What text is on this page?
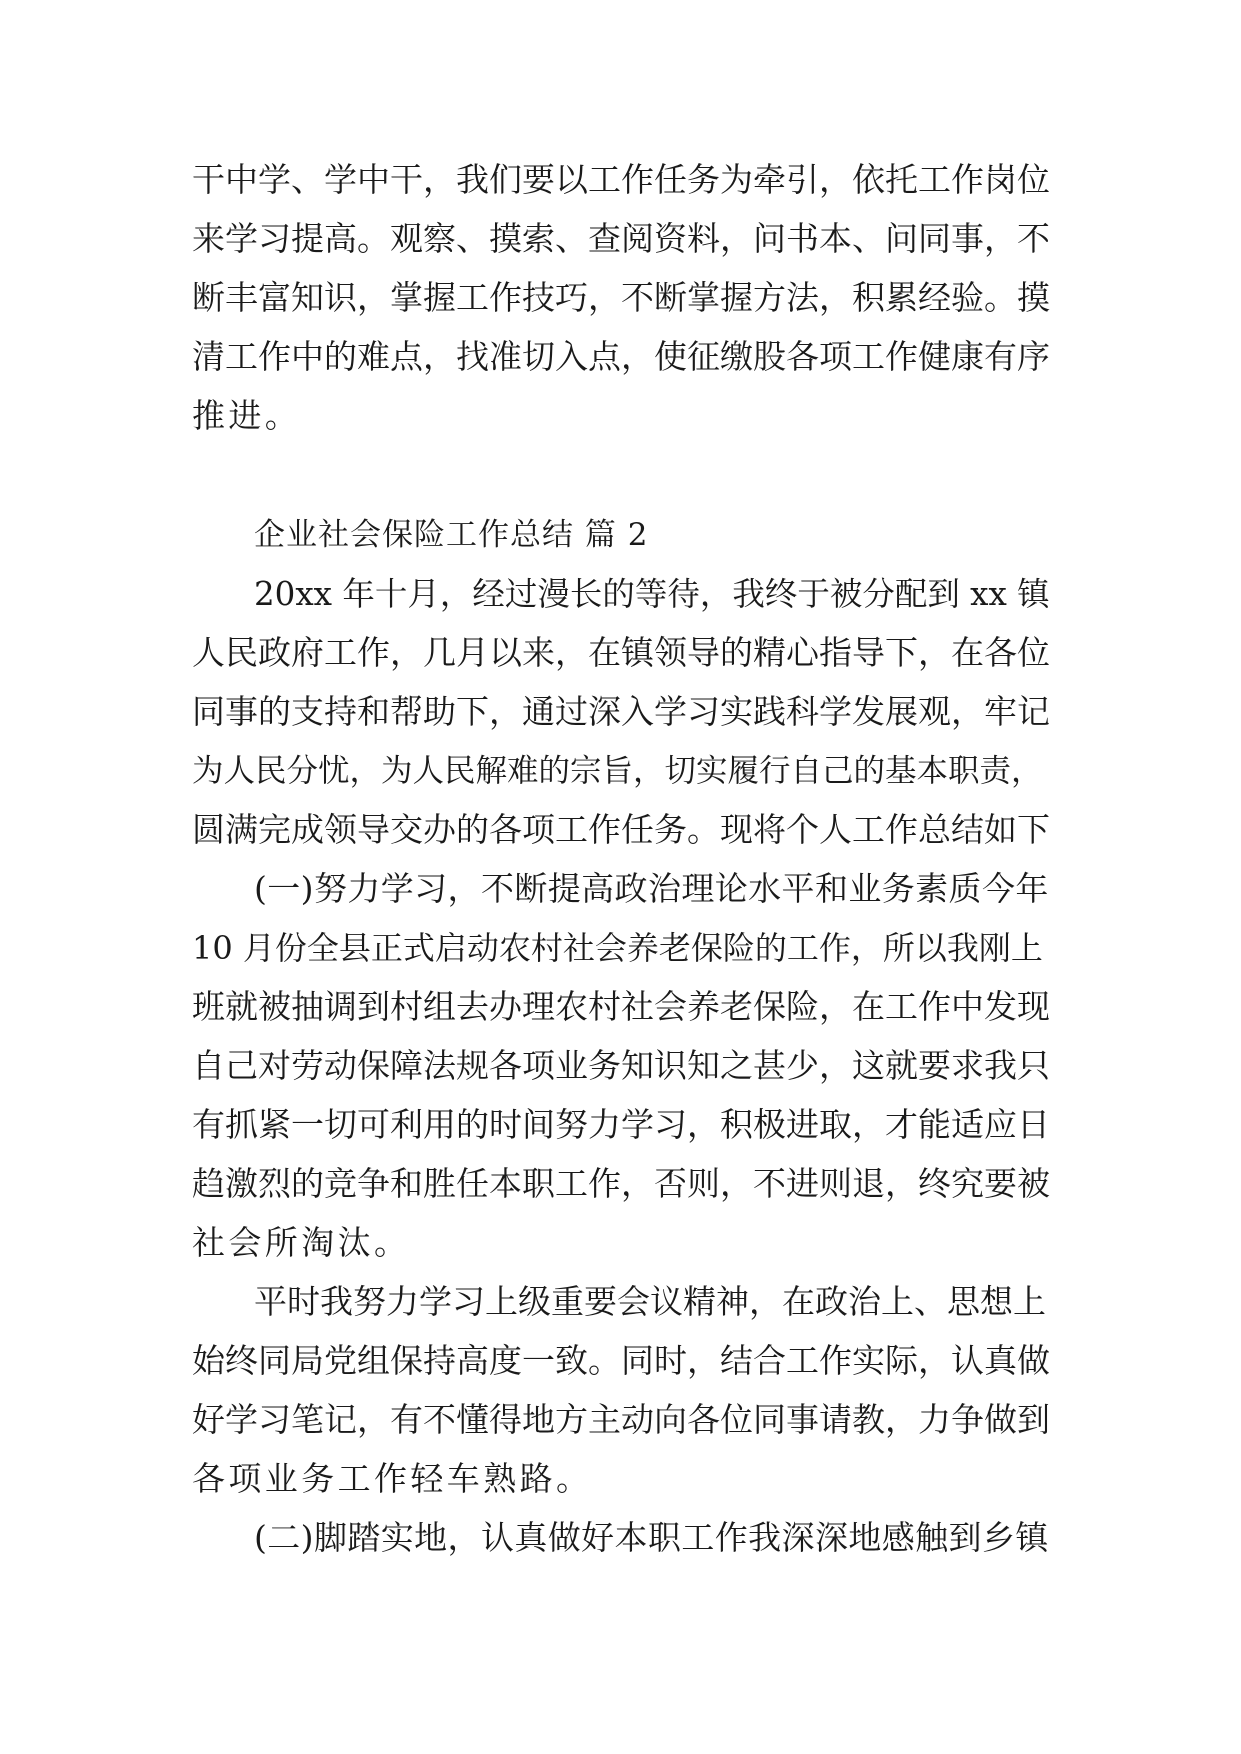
干中学、学中干，我们要以工作任务为牵引，依托工作岗位
来学习提高。观察、摸索、查阅资料，问书本、问同事，不
断丰富知识，掌握工作技巧，不断掌握方法，积累经验。摸
清工作中的难点，找准切入点，使征缴股各项工作健康有序
推进。
企业社会保险工作总结 篇 2
20xx 年十月，经过漫长的等待，我终于被分配到 xx 镇
人民政府工作，几月以来，在镇领导的精心指导下，在各位
同事的支持和帮助下，通过深入学习实践科学发展观，牢记
为人民分忧，为人民解难的宗旨，切实履行自己的基本职责，
圆满完成领导交办的各项工作任务。现将个人工作总结如下
(一)努力学习，不断提高政治理论水平和业务素质今年
10 月份全县正式启动农村社会养老保险的工作，所以我刚上
班就被抽调到村组去办理农村社会养老保险，在工作中发现
自己对劳动保障法规各项业务知识知之甚少，这就要求我只
有抓紧一切可利用的时间努力学习，积极进取，才能适应日
趋激烈的竞争和胜任本职工作，否则，不进则退，终究要被
社会所淘汰。
平时我努力学习上级重要会议精神，在政治上、思想上
始终同局党组保持高度一致。同时，结合工作实际，认真做
好学习笔记，有不懂得地方主动向各位同事请教，力争做到
各项业务工作轻车熟路。
(二)脚踏实地，认真做好本职工作我深深地感触到乡镇
